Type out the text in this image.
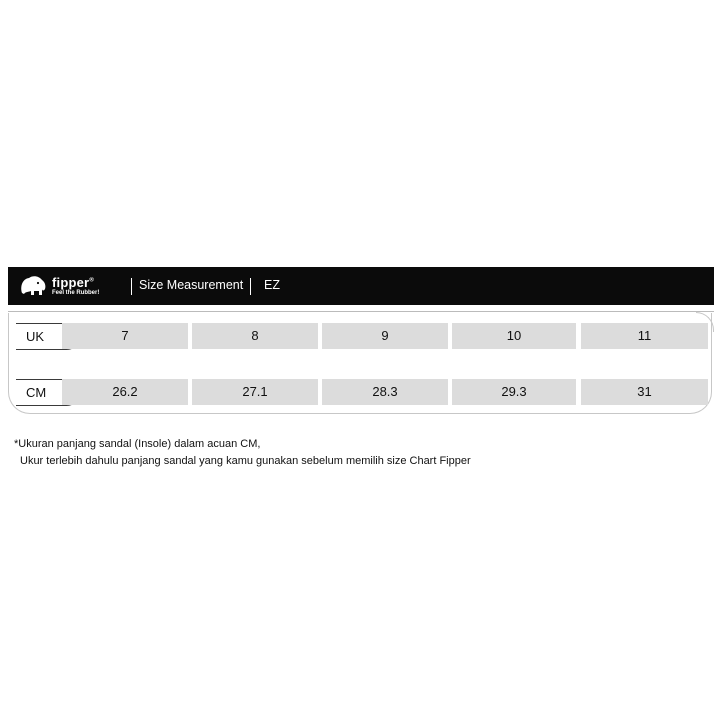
fipper®
Feel the Rubber!
Size Measurement EZ
UK	7	8	9	10	11
CM	26.2	27.1	28.3	29.3	31
*Ukuran panjang sandal (Insole) dalam acuan CM,
Ukur terlebih dahulu panjang sandal yang kamu gunakan sebelum memilih size Chart Fipper
